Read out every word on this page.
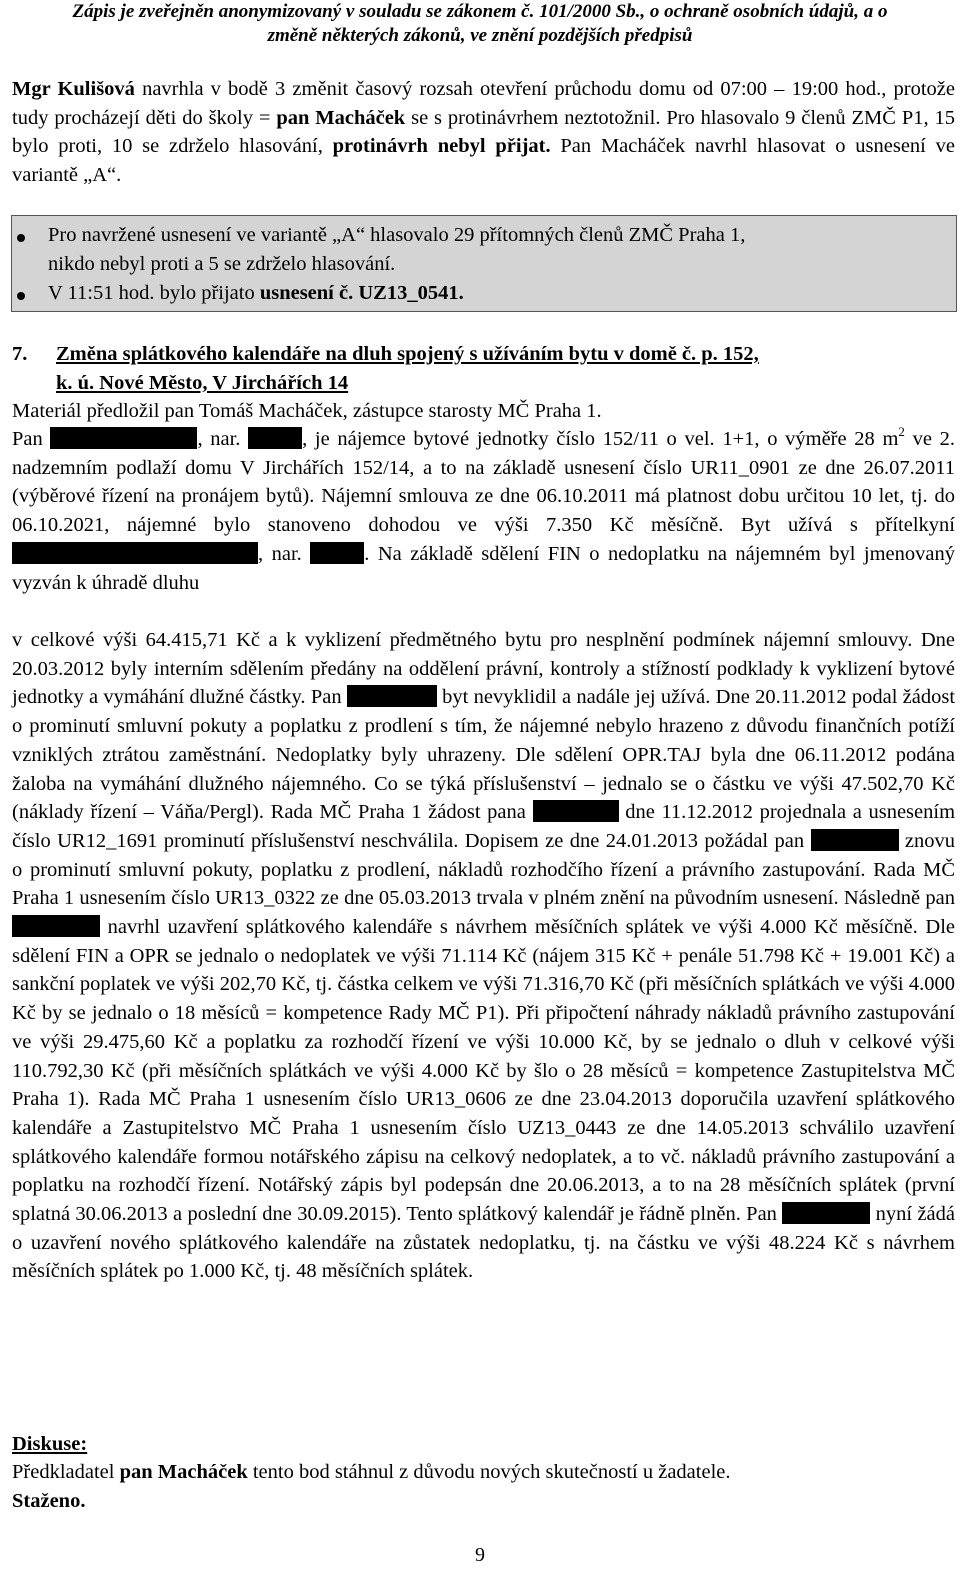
Zápis je zveřejněn anonymizovaný v souladu se zákonem č. 101/2000 Sb., o ochraně osobních údajů, a o
změně některých zákonů, ve znění pozdějších předpisů
Mgr Kulišová navrhla v bodě 3 změnit časový rozsah otevření průchodu domu od 07:00 – 19:00 hod., protože tudy procházejí děti do školy = pan Macháček se s protinávrhem neztotožnil. Pro hlasovalo 9 členů ZMČ P1, 15 bylo proti, 10 se zdrželo hlasování, protinávrh nebyl přijat. Pan Macháček navrhl hlasovat o usnesení ve variantě „A“.
Pro navržené usnesení ve variantě „A“ hlasovalo 29 přítomných členů ZMČ Praha 1,
nikdo nebyl proti a 5 se zdrželo hlasování.
V 11:51 hod. bylo přijato usnesení č. UZ13_0541.
7. Změna splátkového kalendáře na dluh spojený s užíváním bytu v domě č. p. 152,
k. ú. Nové Město, V Jirchářích 14
Materiál předložil pan Tomáš Macháček, zástupce starosty MČ Praha 1.
Pan	, nar.	, je nájemce bytové jednotky číslo 152/11 o vel. 1+1, o výměře 28 $m^2$ ve 2. nadzemním podlaží domu V Jirchářích 152/14, a to na základě usnesení číslo UR11_0901 ze dne 26.07.2011 (výběrové řízení na pronájem bytů). Nájemní smlouva ze dne 06.10.2011 má platnost dobu určitou 10 let, tj. do 06.10.2021, nájemné bylo stanoveno dohodou ve výši 7.350 Kč měsíčně. Byt užívá s přítelkyní , nar.	. Na základě sdělení FIN o nedoplatku na nájemném byl jmenovaný vyzván k úhradě dluhu
v celkové výši 64.415,71 Kč a k vyklizení předmětného bytu pro nesplnění podmínek nájemní smlouvy. Dne 20.03.2012 byly interním sdělením předány na oddělení právní, kontroly a stížností podklady k vyklizení bytové jednotky a vymáhání dlužné částky. Pan	byt nevyklidil a nadále jej užívá. Dne 20.11.2012 podal žádost o prominutí smluvní pokuty a poplatku z prodlení s tím, že nájemné nebylo hrazeno z důvodu finančních potíží vzniklých ztrátou zaměstnání. Nedoplatky byly uhrazeny. Dle sdělení OPR.TAJ byla dne 06.11.2012 podána žaloba na vymáhání dlužného nájemného. Co se týká příslušenství – jednalo se o částku ve výši 47.502,70 Kč (náklady řízení – Váňa/Pergl). Rada MČ Praha 1 žádost pana	dne 11.12.2012 projednala a usnesením číslo UR12_1691 prominutí příslušenství neschválila. Dopisem ze dne 24.01.2013 požádal pan	znovu o prominutí smluvní pokuty, poplatku z prodlení, nákladů rozhodčího řízení a právního zastupování. Rada MČ Praha 1 usnesením číslo UR13_0322 ze dne 05.03.2013 trvala v plném znění na původním usnesení. Následně pan  navrhl uzavření splátkového kalendáře s návrhem měsíčních splátek ve výši 4.000 Kč měsíčně. Dle sdělení FIN a OPR se jednalo o nedoplatek ve výši 71.114 Kč (nájem 315 Kč + penále 51.798 Kč + 19.001 Kč) a sankční poplatek ve výši 202,70 Kč, tj. částka celkem ve výši 71.316,70 Kč (při měsíčních splátkách ve výši 4.000 Kč by se jednalo o 18 měsíců = kompetence Rady MČ P1). Při připočtení náhrady nákladů právního zastupování ve výši 29.475,60 Kč a poplatku za rozhodčí řízení ve výši 10.000 Kč, by se jednalo o dluh v celkové výši 110.792,30 Kč (při měsíčních splátkách ve výši 4.000 Kč by šlo o 28 měsíců = kompetence Zastupitelstva MČ Praha 1). Rada MČ Praha 1 usnesením číslo UR13_0606 ze dne 23.04.2013 doporučila uzavření splátkového kalendáře a Zastupitelstvo MČ Praha 1 usnesením číslo UZ13_0443 ze dne 14.05.2013 schválilo uzavření splátkového kalendáře formou notářského zápisu na celkový nedoplatek, a to vč. nákladů právního zastupování a poplatku na rozhodčí řízení. Notářský zápis byl podepsán dne 20.06.2013, a to na 28 měsíčních splátek (první splatná 30.06.2013 a poslední dne 30.09.2015). Tento splátkový kalendář je řádně plněn. Pan	nyní žádá o uzavření nového splátkového kalendáře na zůstatek nedoplatku, tj. na částku ve výši 48.224 Kč s návrhem měsíčních splátek po 1.000 Kč, tj. 48 měsíčních splátek.
Diskuse:
Předkladatel pan Macháček tento bod stáhnul z důvodu nových skutečností u žadatele.
Staženo.
9
